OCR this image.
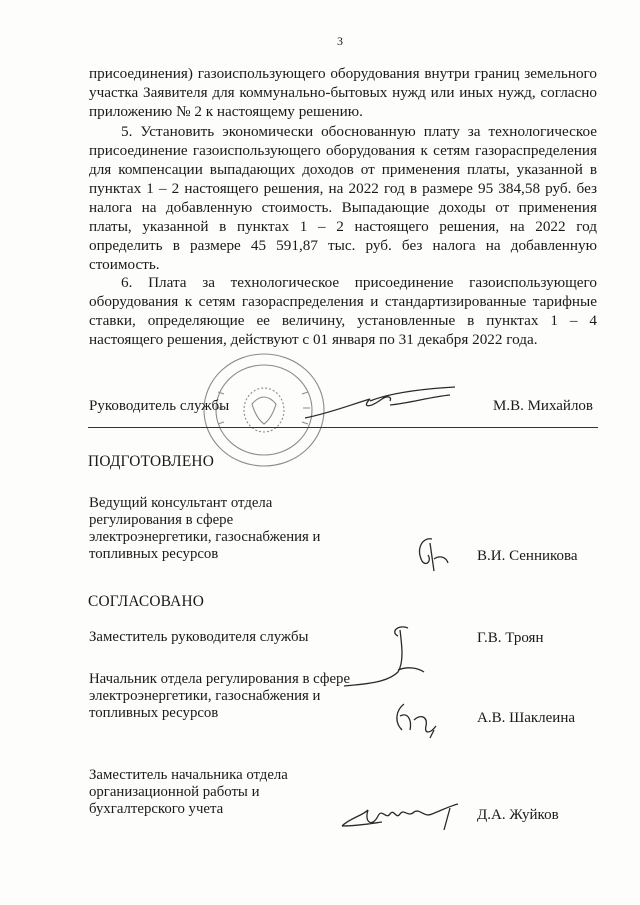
3
присоединения) газоиспользующего оборудования внутри границ земельного участка Заявителя для коммунально-бытовых нужд или иных нужд, согласно приложению № 2 к настоящему решению.
5. Установить экономически обоснованную плату за технологическое присоединение газоиспользующего оборудования к сетям газораспределения для компенсации выпадающих доходов от применения платы, указанной в пунктах 1 – 2 настоящего решения, на 2022 год в размере 95 384,58 руб. без налога на добавленную стоимость. Выпадающие доходы от применения платы, указанной в пунктах 1 – 2 настоящего решения, на 2022 год определить в размере 45 591,87 тыс. руб. без налога на добавленную стоимость.
6. Плата за технологическое присоединение газоиспользующего оборудования к сетям газораспределения и стандартизированные тарифные ставки, определяющие ее величину, установленные в пунктах 1 – 4 настоящего решения, действуют с 01 января по 31 декабря 2022 года.
Руководитель службы	М.В. Михайлов
ПОДГОТОВЛЕНО
Ведущий консультант отдела регулирования в сфере электроэнергетики, газоснабжения и топливных ресурсов	В.И. Сенникова
СОГЛАСОВАНО
Заместитель руководителя службы	Г.В. Троян
Начальник отдела регулирования в сфере электроэнергетики, газоснабжения и топливных ресурсов	А.В. Шаклеина
Заместитель начальника отдела организационной работы и бухгалтерского учета	Д.А. Жуйков
